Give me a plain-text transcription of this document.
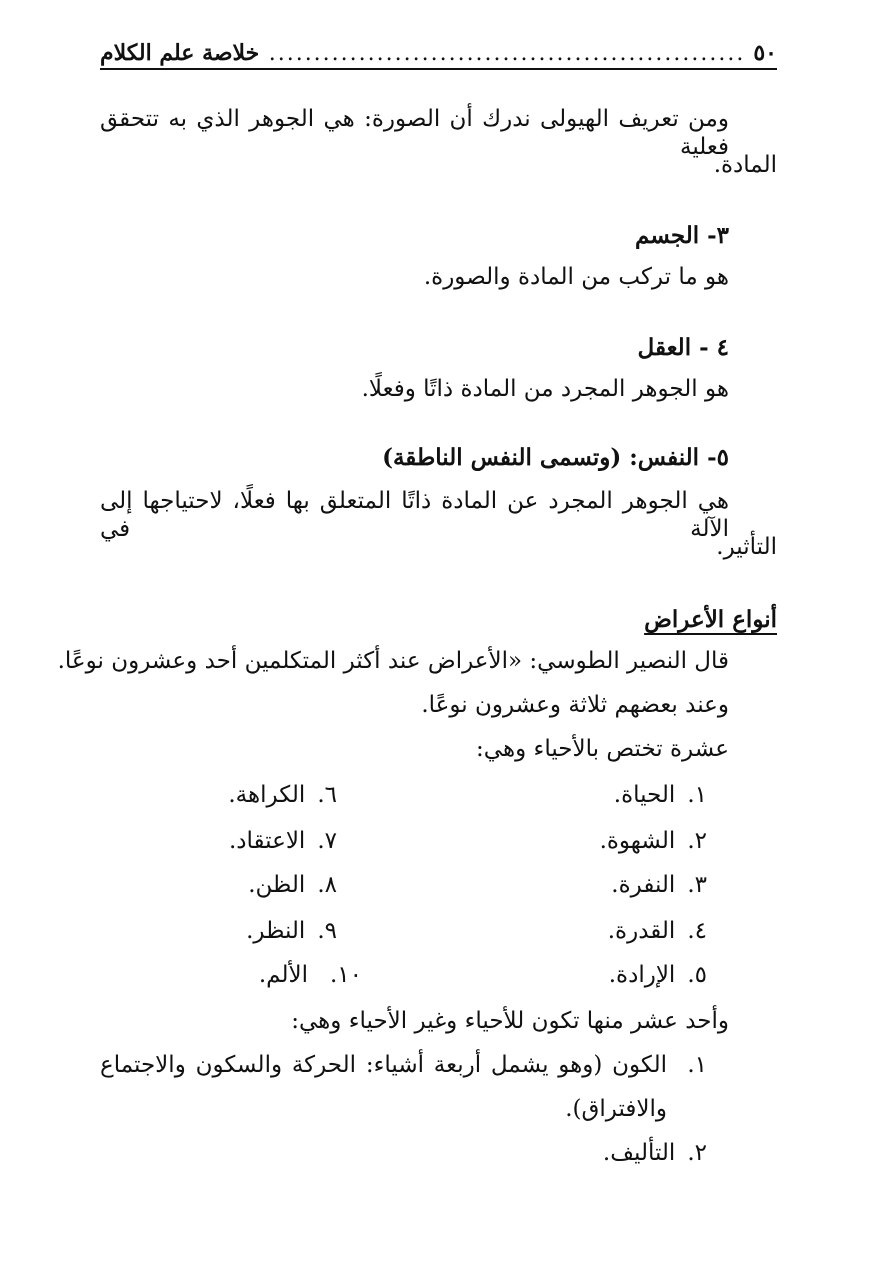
٥٠
.....
خلاصة علم الكلام
ومن تعريف الهيولى ندرك أن الصورة: هي الجوهر الذي به تتحقق فعلية
المادة.
٣- الجسم
هو ما تركب من المادة والصورة.
٤ - العقل
هو الجوهر المجرد من المادة ذاتًا وفعلًا.
٥- النفس: (وتسمى النفس الناطقة)
هي الجوهر المجرد عن المادة ذاتًا المتعلق بها فعلًا، لاحتياجها إلى الآلة في
التأثير.
أنواع الأعراض
قال النصير الطوسي: «الأعراض عند أكثر المتكلمين أحد وعشرون نوعًا.
وعند بعضهم ثلاثة وعشرون نوعًا.
عشرة تختص بالأحياء وهي:
١.الحياة.
٢.الشهوة.
٣.النفرة.
٤.القدرة.
٥.الإرادة.
٦.الكراهة.
٧.الاعتقاد.
٨.الظن.
٩.النظر.
١٠.الألم.
وأحد عشر منها تكون للأحياء وغير الأحياء وهي:
١.
الكون (وهو يشمل أربعة أشياء: الحركة والسكون والاجتماع
والافتراق).
٢.التأليف.
